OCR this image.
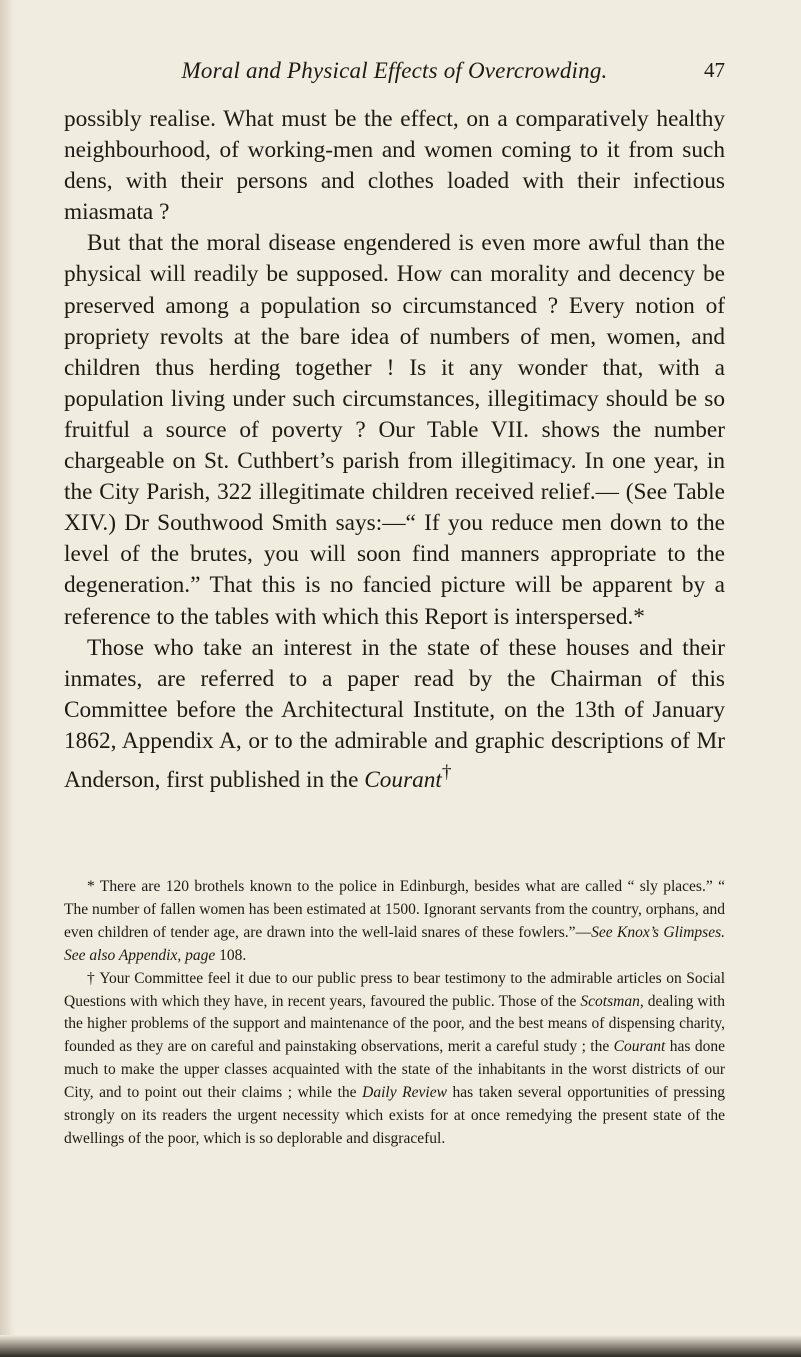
Moral and Physical Effects of Overcrowding.	47

possibly realise. What must be the effect, on a comparatively healthy neighbourhood, of working-men and women coming to it from such dens, with their persons and clothes loaded with their infectious miasmata ?

But that the moral disease engendered is even more awful than the physical will readily be supposed. How can morality and decency be preserved among a population so circumstanced ? Every notion of propriety revolts at the bare idea of numbers of men, women, and children thus herding together ! Is it any wonder that, with a population living under such circumstances, illegitimacy should be so fruitful a source of poverty ? Our Table VII. shows the number chargeable on St. Cuthbert’s parish from illegitimacy. In one year, in the City Parish, 322 illegitimate children received relief.— (See Table XIV.) Dr Southwood Smith says:—“ If you reduce men down to the level of the brutes, you will soon find manners appropriate to the degeneration.” That this is no fancied picture will be apparent by a reference to the tables with which this Report is interspersed.*

Those who take an interest in the state of these houses and their inmates, are referred to a paper read by the Chairman of this Committee before the Architectural Institute, on the 13th of January 1862, Appendix A, or to the admirable and graphic descriptions of Mr Anderson, first published in the Courant†

* There are 120 brothels known to the police in Edinburgh, besides what are called “ sly places.” “ The number of fallen women has been estimated at 1500. Ignorant servants from the country, orphans, and even children of tender age, are drawn into the well-laid snares of these fowlers.”—See Knox’s Glimpses. See also Appendix, page 108.

† Your Committee feel it due to our public press to bear testimony to the admirable articles on Social Questions with which they have, in recent years, favoured the public. Those of the Scotsman, dealing with the higher problems of the support and maintenance of the poor, and the best means of dispensing charity, founded as they are on careful and painstaking observations, merit a careful study ; the Courant has done much to make the upper classes acquainted with the state of the inhabitants in the worst districts of our City, and to point out their claims ; while the Daily Review has taken several opportunities of pressing strongly on its readers the urgent necessity which exists for at once remedying the present state of the dwellings of the poor, which is so deplorable and disgraceful.
